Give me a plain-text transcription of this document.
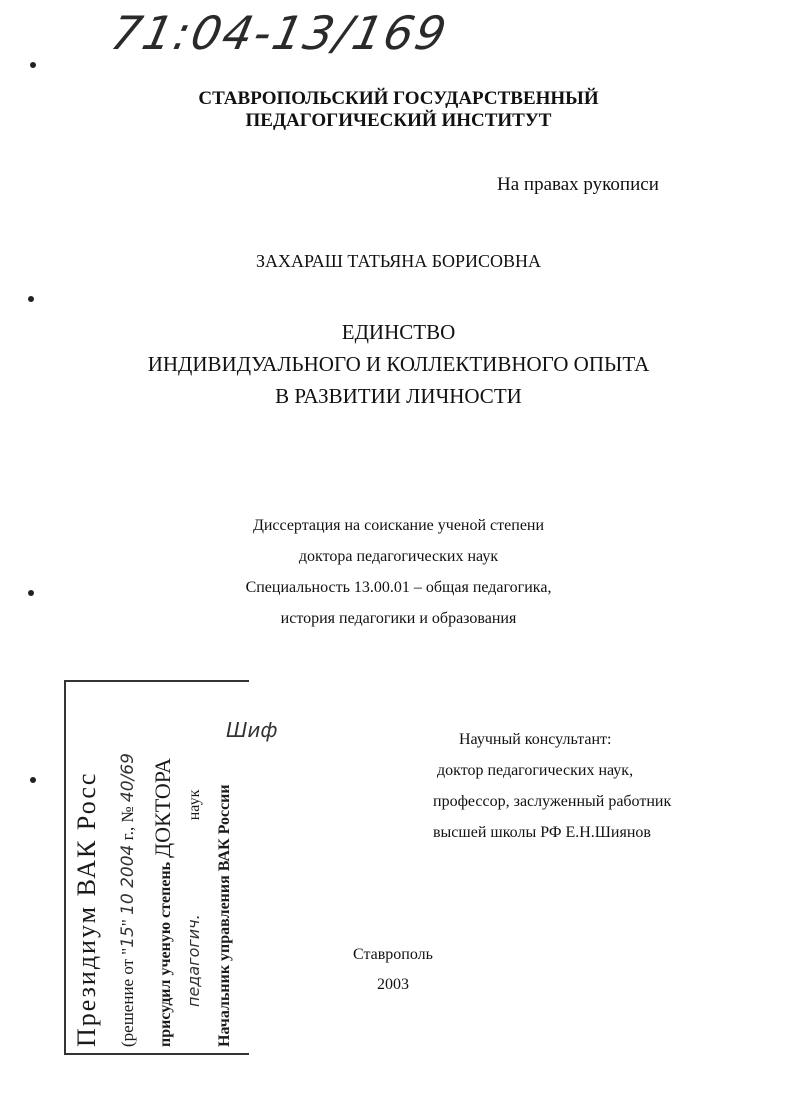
71:04-13/169
СТАВРОПОЛЬСКИЙ ГОСУДАРСТВЕННЫЙ
ПЕДАГОГИЧЕСКИЙ ИНСТИТУТ
На правах рукописи
ЗАХАРАШ ТАТЬЯНА БОРИСОВНА
ЕДИНСТВО
ИНДИВИДУАЛЬНОГО И КОЛЛЕКТИВНОГО ОПЫТА
В РАЗВИТИИ ЛИЧНОСТИ
Диссертация на соискание ученой степени
доктора педагогических наук
Специальность 13.00.01 – общая педагогика,
история педагогики и образования
Научный консультант:
доктор педагогических наук,
профессор, заслуженный работник
высшей школы РФ Е.Н.Шиянов
Ставрополь
2003
Шиф
Президиум ВАК Росс (решение от "15" 10 2004 г., № 40/69
присудил ученую степень ДОКТОРА
педагогич. наук Начальник управления ВАК России
